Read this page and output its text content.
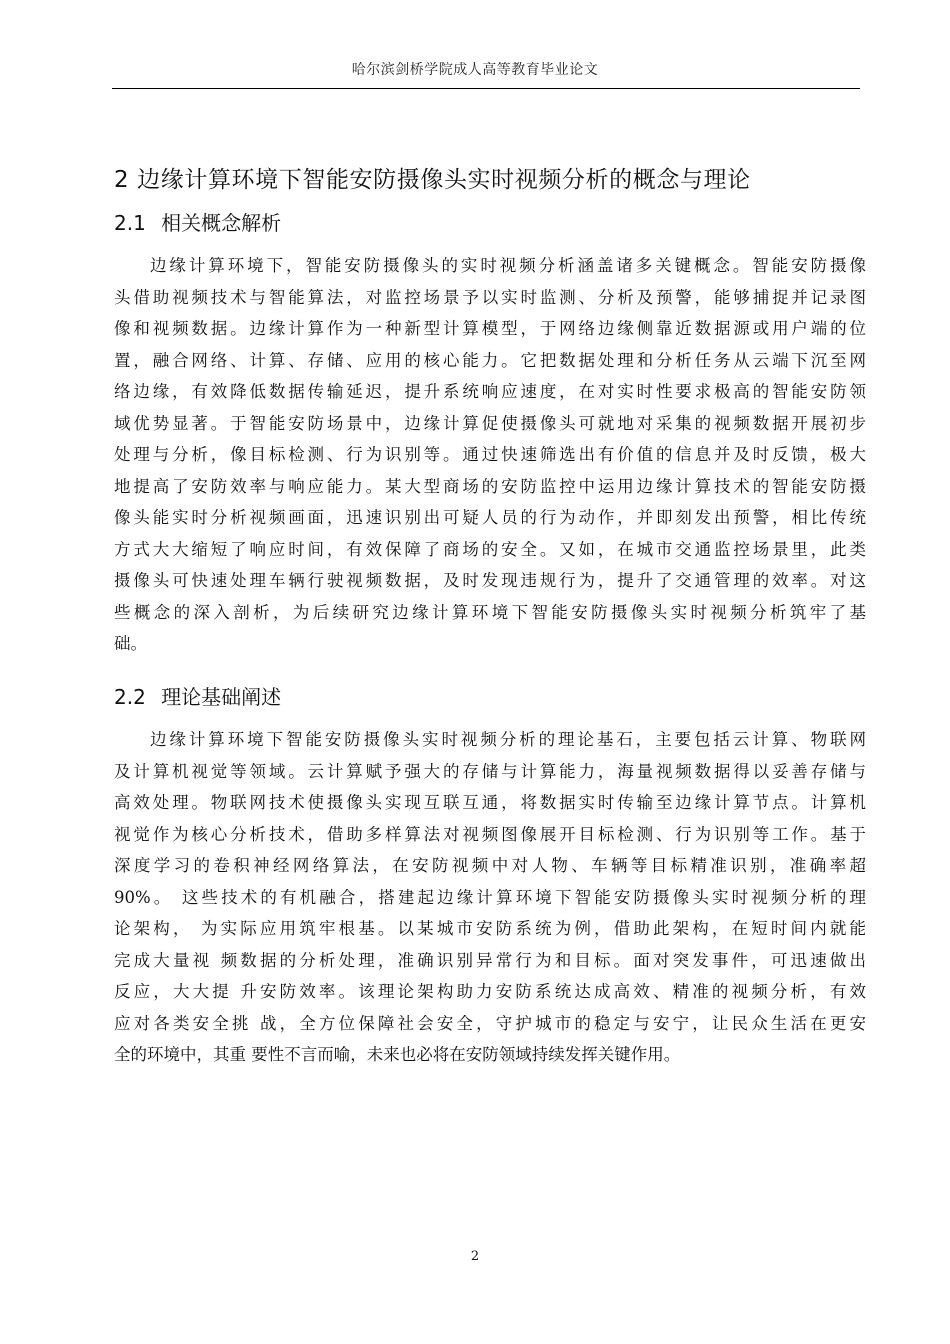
哈尔滨剑桥学院成人高等教育毕业论文
2 边缘计算环境下智能安防摄像头实时视频分析的概念与理论
2.1 相关概念解析
边缘计算环境下，智能安防摄像头的实时视频分析涵盖诸多关键概念。智能安防摄像
头借助视频技术与智能算法，对监控场景予以实时监测、分析及预警，能够捕捉并记录图
像和视频数据。边缘计算作为一种新型计算模型，于网络边缘侧靠近数据源或用户端的位
置，融合网络、计算、存储、应用的核心能力。它把数据处理和分析任务从云端下沉至网
络边缘，有效降低数据传输延迟，提升系统响应速度，在对实时性要求极高的智能安防领
域优势显著。于智能安防场景中，边缘计算促使摄像头可就地对采集的视频数据开展初步
处理与分析，像目标检测、行为识别等。通过快速筛选出有价值的信息并及时反馈，极大
地提高了安防效率与响应能力。某大型商场的安防监控中运用边缘计算技术的智能安防摄
像头能实时分析视频画面，迅速识别出可疑人员的行为动作，并即刻发出预警，相比传统
方式大大缩短了响应时间，有效保障了商场的安全。又如，在城市交通监控场景里，此类
摄像头可快速处理车辆行驶视频数据，及时发现违规行为，提升了交通管理的效率。对这
些概念的深入剖析，为后续研究边缘计算环境下智能安防摄像头实时视频分析筑牢了基
础。
2.2 理论基础阐述
边缘计算环境下智能安防摄像头实时视频分析的理论基石，主要包括云计算、物联网
及计算机视觉等领域。云计算赋予强大的存储与计算能力，海量视频数据得以妥善存储与
高效处理。物联网技术使摄像头实现互联互通，将数据实时传输至边缘计算节点。计算机
视觉作为核心分析技术，借助多样算法对视频图像展开目标检测、行为识别等工作。基于
深度学习的卷积神经网络算法，在安防视频中对人物、车辆等目标精准识别，准确率超
90%。 这些技术的有机融合，搭建起边缘计算环境下智能安防摄像头实时视频分析的理
论架构， 为实际应用筑牢根基。以某城市安防系统为例，借助此架构，在短时间内就能
完成大量视 频数据的分析处理，准确识别异常行为和目标。面对突发事件，可迅速做出
反应，大大提 升安防效率。该理论架构助力安防系统达成高效、精准的视频分析，有效
应对各类安全挑 战，全方位保障社会安全，守护城市的稳定与安宁，让民众生活在更安
全的环境中，其重 要性不言而喻，未来也必将在安防领域持续发挥关键作用。
2
